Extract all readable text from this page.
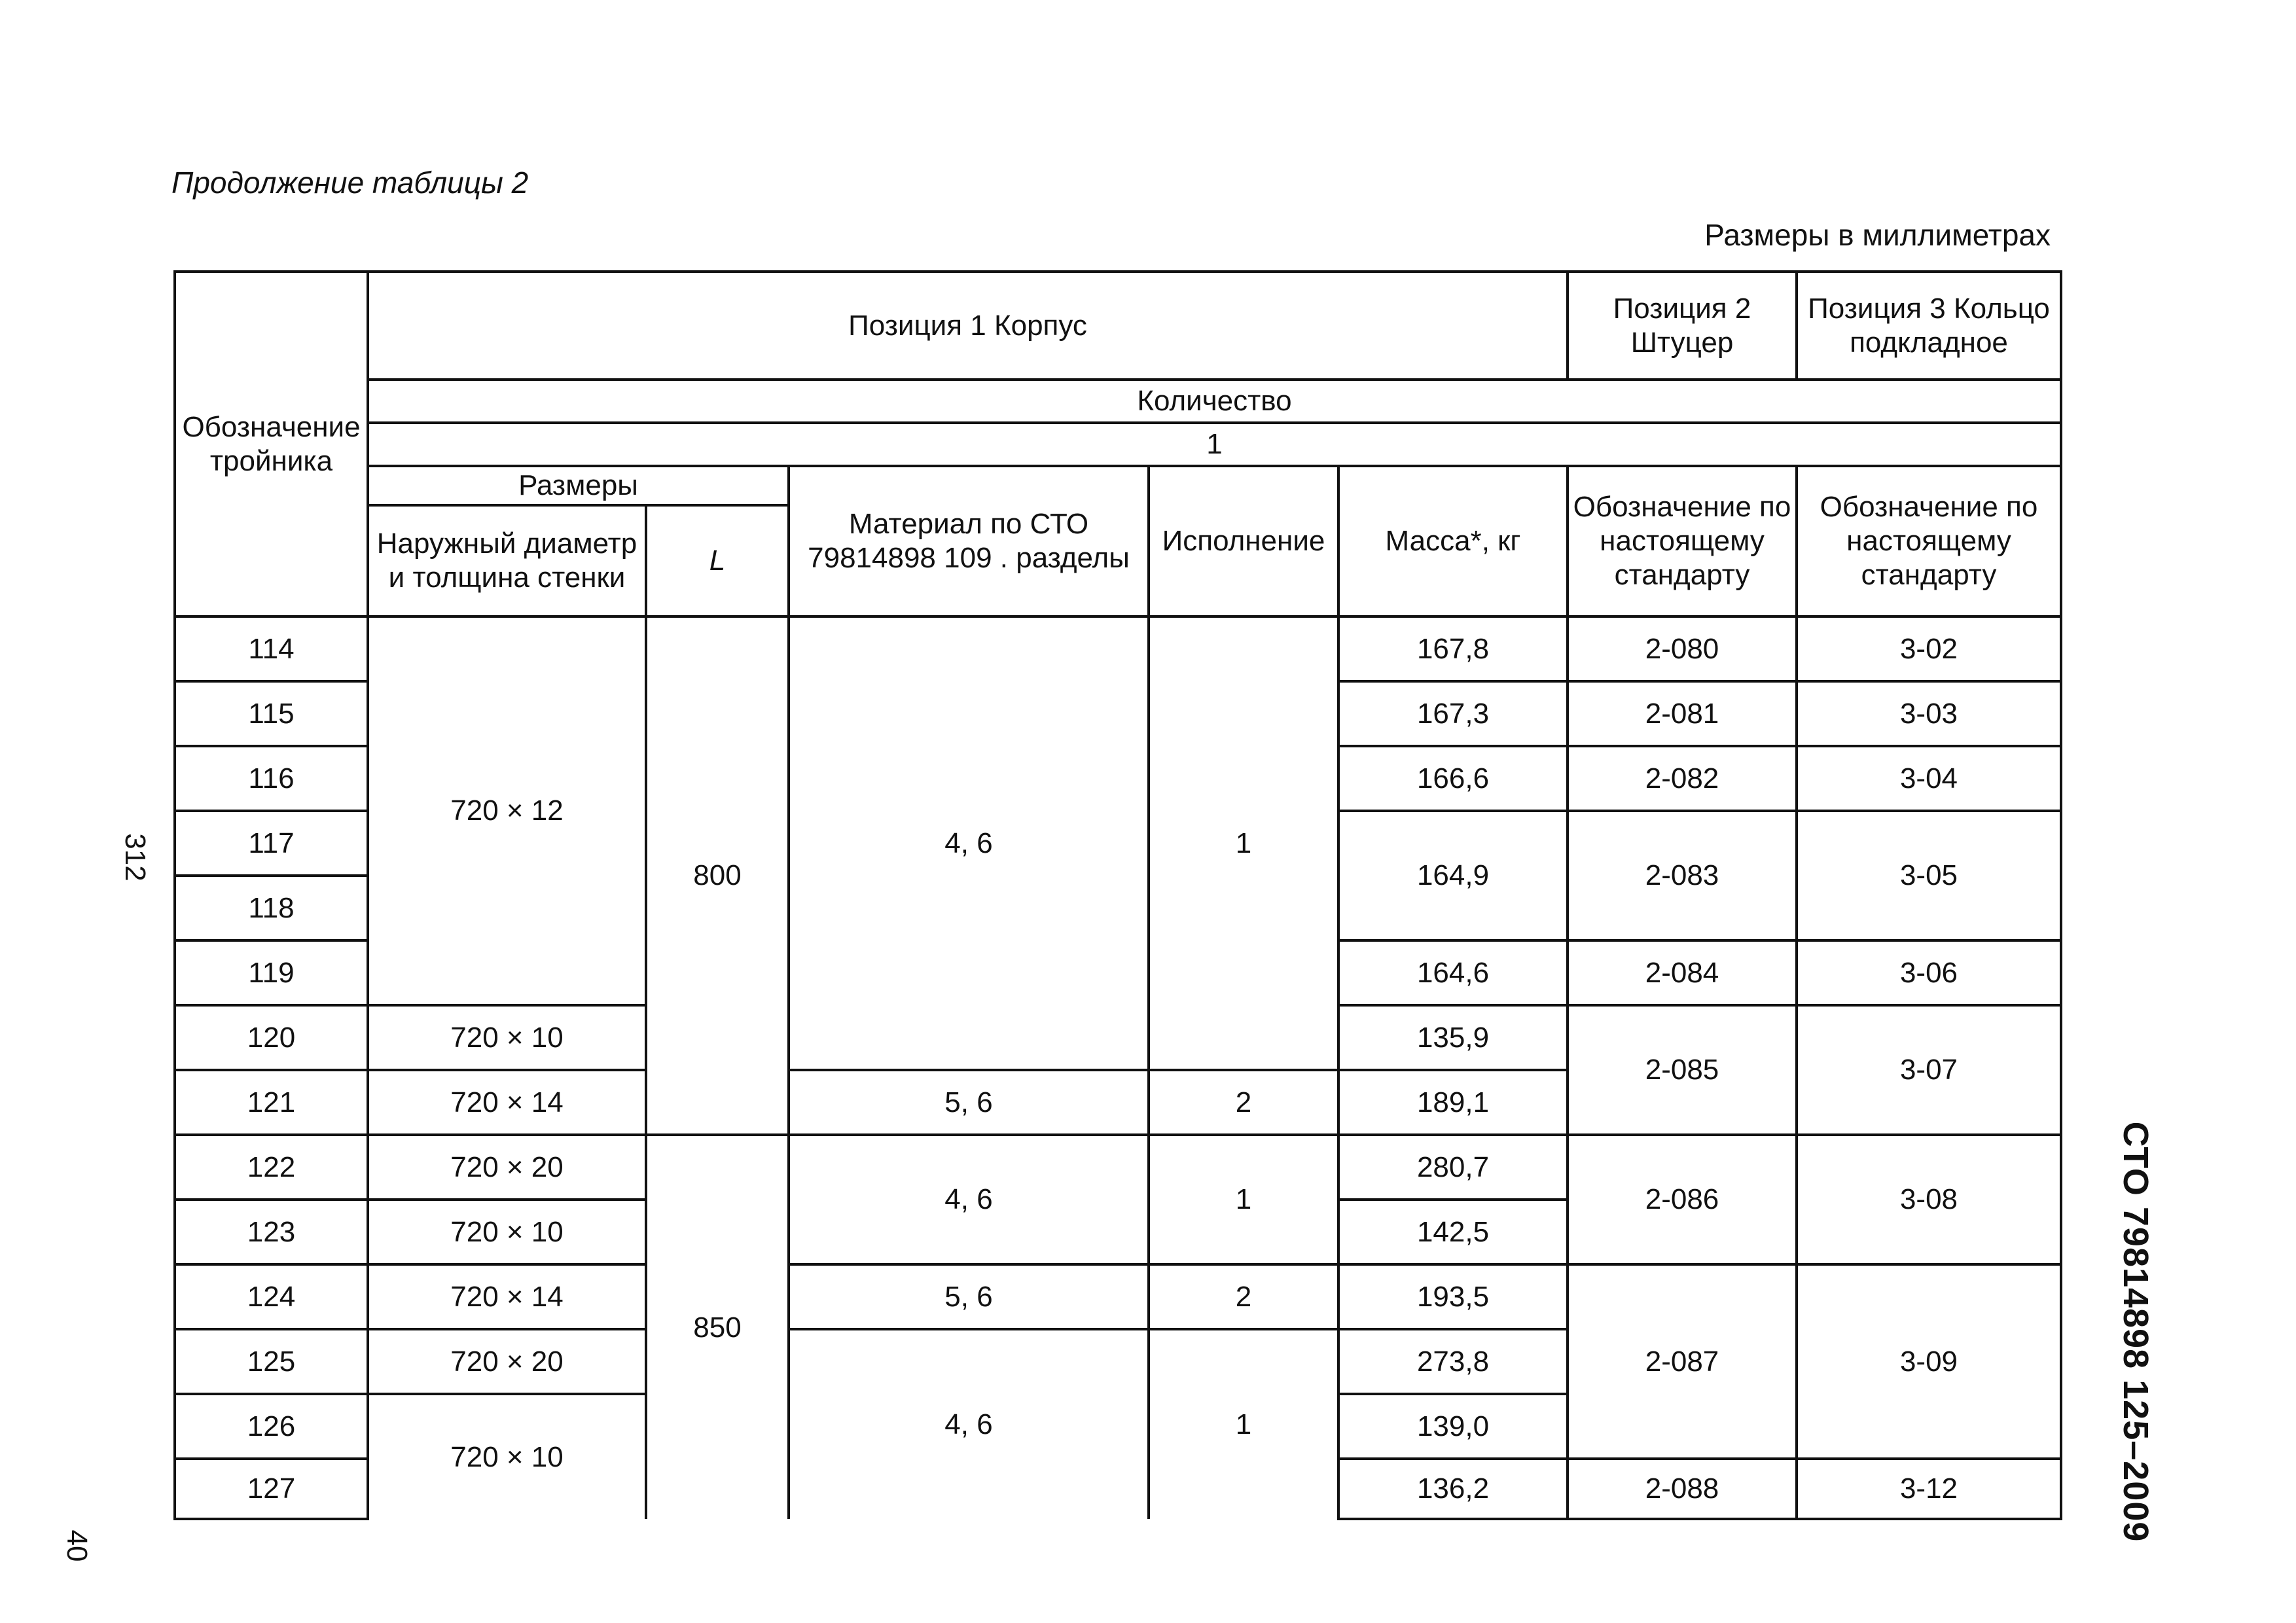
Продолжение таблицы 2
Размеры в миллиметрах
312
40
СТО 79814898 125–2009
Обозначение тройника	Позиция 1 Корпус					Позиция 2 Штуцер	Позиция 3 Кольцо подкладное
	Количество						
	1						
	Размеры		Материал по СТО 79814898 109 . разделы	Исполнение	Масса*, кг	Обозначение по настоящему стандарту	Обозначение по настоящему стандарту
	Наружный диаметр и толщина стенки	L					
114	720 × 12	800	4, 6	1	167,8	2-080	3-02
115					167,3	2-081	3-03
116					166,6	2-082	3-04
117					164,9	2-083	3-05
118							
119					164,6	2-084	3-06
120	720 × 10				135,9	2-085	3-07
121	720 × 14		5, 6	2	189,1		
122	720 × 20	850	4, 6	1	280,7	2-086	3-08
123	720 × 10				142,5		
124	720 × 14		5, 6	2	193,5	2-087	3-09
125	720 × 20		4, 6	1	273,8		
126	720 × 10				139,0		
127					136,2	2-088	3-12
